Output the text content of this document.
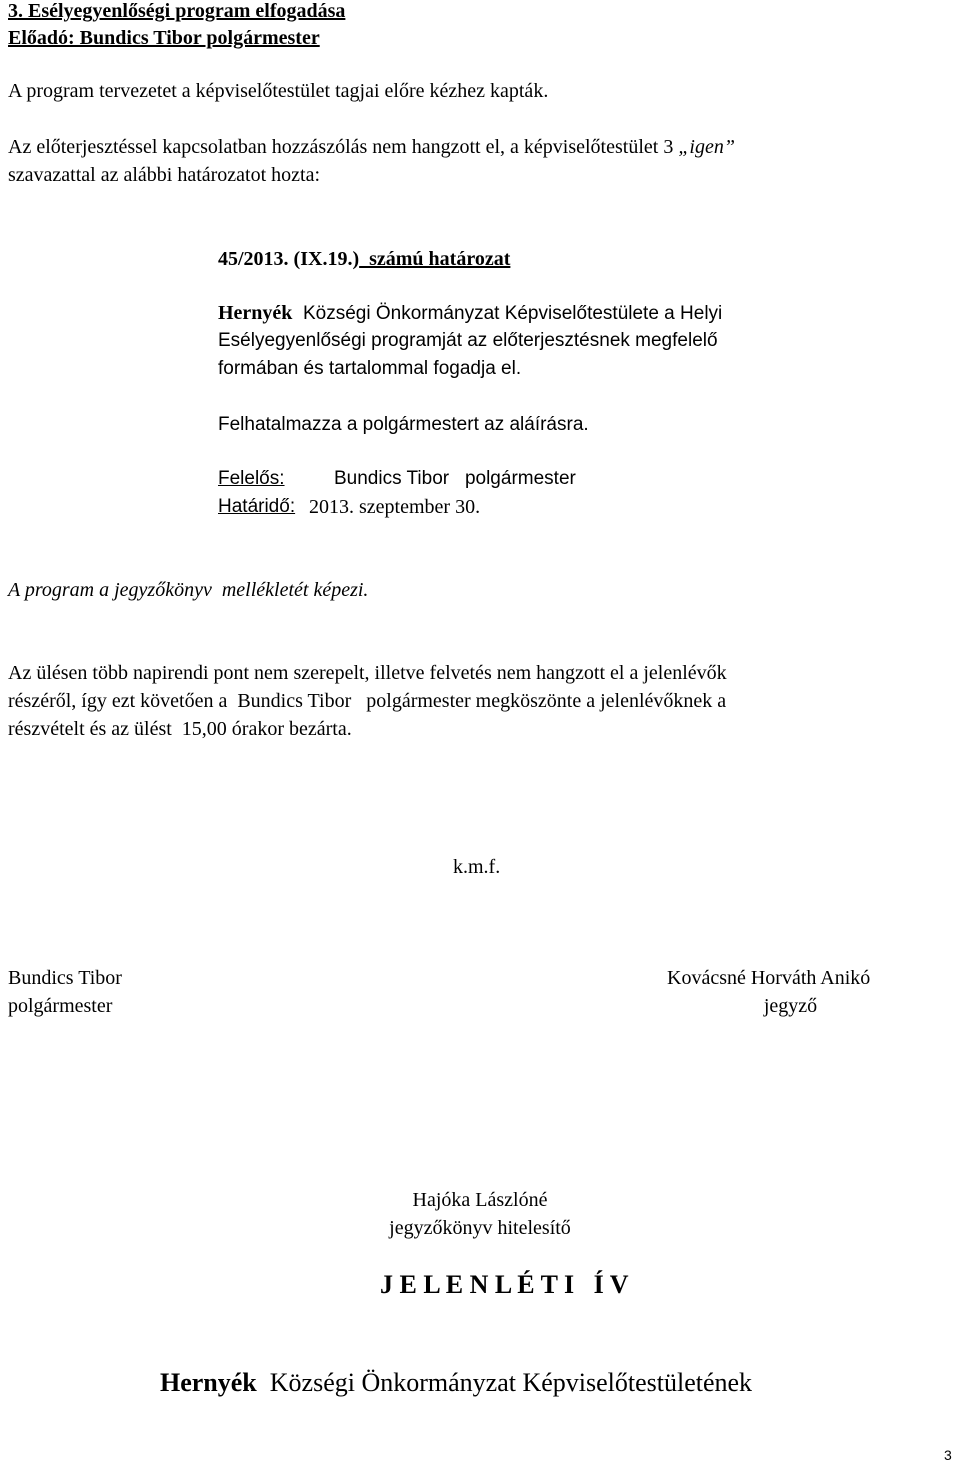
3. Esélyegyenlőségi program elfogadása
Előadó: Bundics Tibor polgármester
A program tervezetet a képviselőtestület tagjai előre kézhez kapták.
Az előterjesztéssel kapcsolatban hozzászólás nem hangzott el, a képviselőtestület 3 „igen”
szavazattal az alábbi határozatot hozta:
45/2013. (IX.19.)  számú határozat
Hernyék  Községi Önkormányzat Képviselőtestülete a Helyi
Esélyegyenlőségi programját az előterjesztésnek megfelelő
formában és tartalommal fogadja el.
Felhatalmazza a polgármestert az aláírásra.
Felelős:	Bundics Tibor   polgármester
Határidő: 2013. szeptember 30.
A program a jegyzőkönyv  mellékletét képezi.
Az ülésen több napirendi pont nem szerepelt, illetve felvetés nem hangzott el a jelenlévők
részéről, így ezt követően a  Bundics Tibor   polgármester megköszönte a jelenlévőknek a
részvételt és az ülést  15,00 órakor bezárta.
k.m.f.
Bundics Tibor
polgármester
Kovácsné Horváth Anikó
jegyző
Hajóka Lászlóné
jegyzőkönyv hitelesítő
J E L E N L É T I   Í V
Hernyék  Községi Önkormányzat Képviselőtestületének
3
